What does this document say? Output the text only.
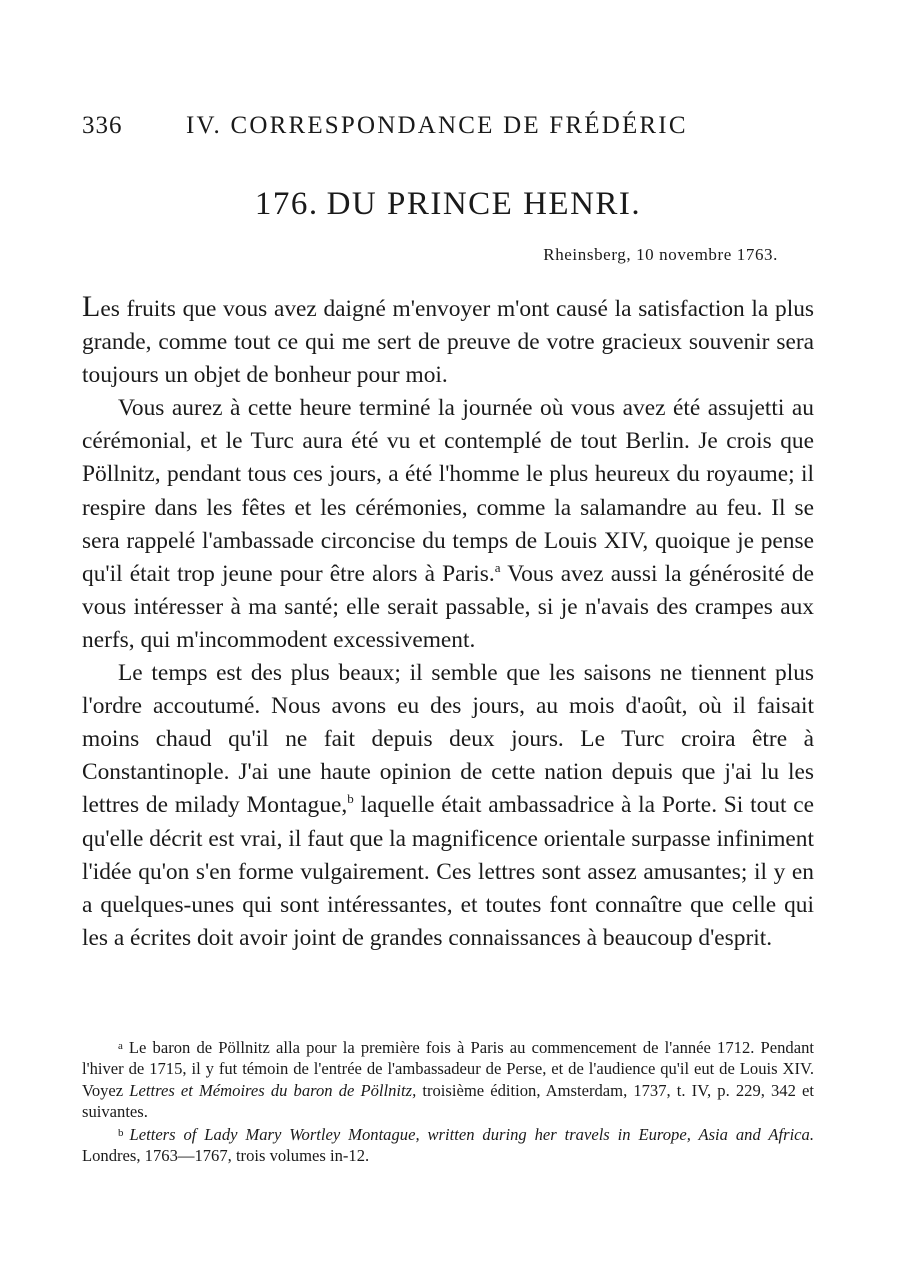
336	IV. CORRESPONDANCE DE FRÉDÉRIC
176. DU PRINCE HENRI.
Rheinsberg, 10 novembre 1763.

Les fruits que vous avez daigné m'envoyer m'ont causé la satisfaction la plus grande, comme tout ce qui me sert de preuve de votre gracieux souvenir sera toujours un objet de bonheur pour moi.

Vous aurez à cette heure terminé la journée où vous avez été assujetti au cérémonial, et le Turc aura été vu et contemplé de tout Berlin. Je crois que Pöllnitz, pendant tous ces jours, a été l'homme le plus heureux du royaume; il respire dans les fêtes et les cérémonies, comme la salamandre au feu. Il se sera rappelé l'ambassade circoncise du temps de Louis XIV, quoique je pense qu'il était trop jeune pour être alors à Paris.$^a$ Vous avez aussi la générosité de vous intéresser à ma santé; elle serait passable, si je n'avais des crampes aux nerfs, qui m'incommodent excessivement.

Le temps est des plus beaux; il semble que les saisons ne tiennent plus l'ordre accoutumé. Nous avons eu des jours, au mois d'août, où il faisait moins chaud qu'il ne fait depuis deux jours. Le Turc croira être à Constantinople. J'ai une haute opinion de cette nation depuis que j'ai lu les lettres de milady Montague,$^b$ laquelle était ambassadrice à la Porte. Si tout ce qu'elle décrit est vrai, il faut que la magnificence orientale surpasse infiniment l'idée qu'on s'en forme vulgairement. Ces lettres sont assez amusantes; il y en a quelques-unes qui sont intéressantes, et toutes font connaître que celle qui les a écrites doit avoir joint de grandes connaissances à beaucoup d'esprit.

$^a$ Le baron de Pöllnitz alla pour la première fois à Paris au commencement de l'année 1712. Pendant l'hiver de 1715, il y fut témoin de l'entrée de l'ambassadeur de Perse, et de l'audience qu'il eut de Louis XIV. Voyez Lettres et Mémoires du baron de Pöllnitz, troisième édition, Amsterdam, 1737, t. IV, p. 229, 342 et suivantes.

$^b$ Letters of Lady Mary Wortley Montague, written during her travels in Europe, Asia and Africa. Londres, 1763—1767, trois volumes in-12.
